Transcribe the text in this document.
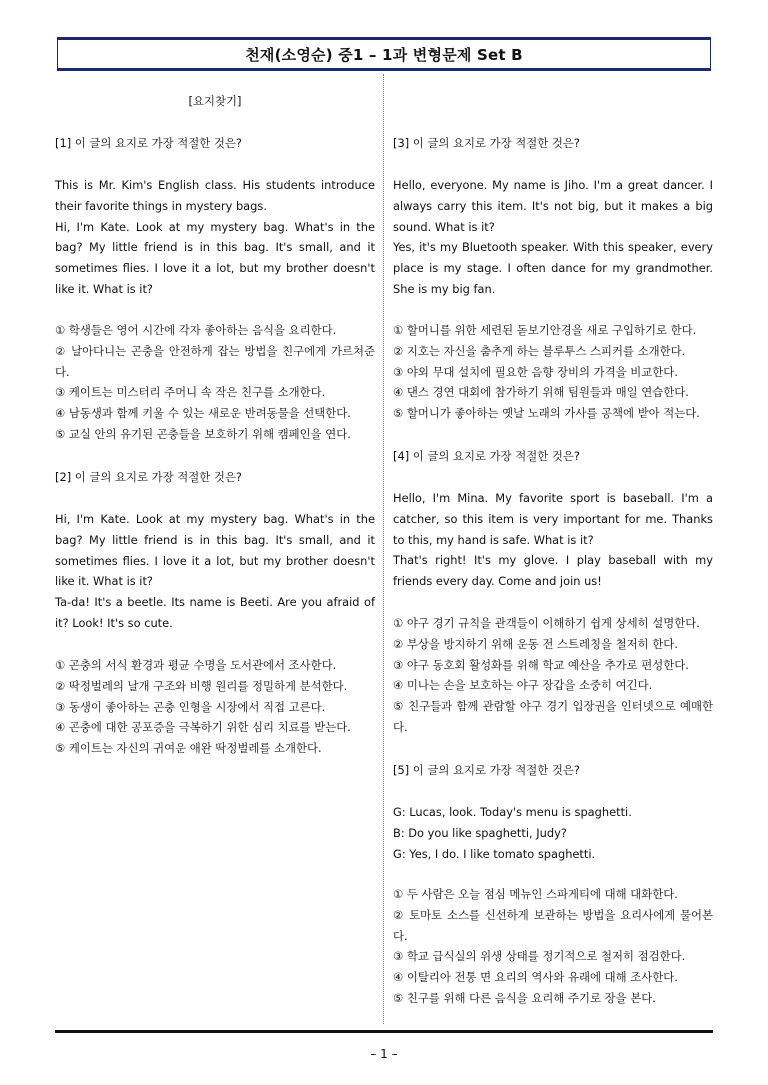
천재(소영순) 중1 – 1과 변형문제 Set B
[요지찾기]
[1] 이 글의 요지로 가장 적절한 것은?
This is Mr. Kim's English class. His students introduce their favorite things in mystery bags.
Hi, I'm Kate. Look at my mystery bag. What's in the bag? My little friend is in this bag. It's small, and it sometimes flies. I love it a lot, but my brother doesn't like it. What is it?
① 학생들은 영어 시간에 각자 좋아하는 음식을 요리한다.
② 날아다니는 곤충을 안전하게 잡는 방법을 친구에게 가르쳐준다.
③ 케이트는 미스터리 주머니 속 작은 친구를 소개한다.
④ 남동생과 함께 키울 수 있는 새로운 반려동물을 선택한다.
⑤ 교실 안의 유기된 곤충들을 보호하기 위해 캠페인을 연다.
[2] 이 글의 요지로 가장 적절한 것은?
Hi, I'm Kate. Look at my mystery bag. What's in the bag? My little friend is in this bag. It's small, and it sometimes flies. I love it a lot, but my brother doesn't like it. What is it?
Ta-da! It's a beetle. Its name is Beeti. Are you afraid of it? Look! It's so cute.
① 곤충의 서식 환경과 평균 수명을 도서관에서 조사한다.
② 딱정벌레의 날개 구조와 비행 원리를 정밀하게 분석한다.
③ 동생이 좋아하는 곤충 인형을 시장에서 직접 고른다.
④ 곤충에 대한 공포증을 극복하기 위한 심리 치료를 받는다.
⑤ 케이트는 자신의 귀여운 애완 딱정벌레를 소개한다.
[3] 이 글의 요지로 가장 적절한 것은?
Hello, everyone. My name is Jiho. I'm a great dancer. I always carry this item. It's not big, but it makes a big sound. What is it?
Yes, it's my Bluetooth speaker. With this speaker, every place is my stage. I often dance for my grandmother. She is my big fan.
① 할머니를 위한 세련된 돋보기안경을 새로 구입하기로 한다.
② 지호는 자신을 춤추게 하는 블루투스 스피커를 소개한다.
③ 야외 무대 설치에 필요한 음향 장비의 가격을 비교한다.
④ 댄스 경연 대회에 참가하기 위해 팀원들과 매일 연습한다.
⑤ 할머니가 좋아하는 옛날 노래의 가사를 공책에 받아 적는다.
[4] 이 글의 요지로 가장 적절한 것은?
Hello, I'm Mina. My favorite sport is baseball. I'm a catcher, so this item is very important for me. Thanks to this, my hand is safe. What is it?
That's right! It's my glove. I play baseball with my friends every day. Come and join us!
① 야구 경기 규칙을 관객들이 이해하기 쉽게 상세히 설명한다.
② 부상을 방지하기 위해 운동 전 스트레칭을 철저히 한다.
③ 야구 동호회 활성화를 위해 학교 예산을 추가로 편성한다.
④ 미나는 손을 보호하는 야구 장갑을 소중히 여긴다.
⑤ 친구들과 함께 관람할 야구 경기 입장권을 인터넷으로 예매한다.
[5] 이 글의 요지로 가장 적절한 것은?
G: Lucas, look. Today's menu is spaghetti.
B: Do you like spaghetti, Judy?
G: Yes, I do. I like tomato spaghetti.
① 두 사람은 오늘 점심 메뉴인 스파게티에 대해 대화한다.
② 토마토 소스를 신선하게 보관하는 방법을 요리사에게 물어본다.
③ 학교 급식실의 위생 상태를 정기적으로 철저히 점검한다.
④ 이탈리아 전통 면 요리의 역사와 유래에 대해 조사한다.
⑤ 친구를 위해 다른 음식을 요리해 주기로 장을 본다.
– 1 –
